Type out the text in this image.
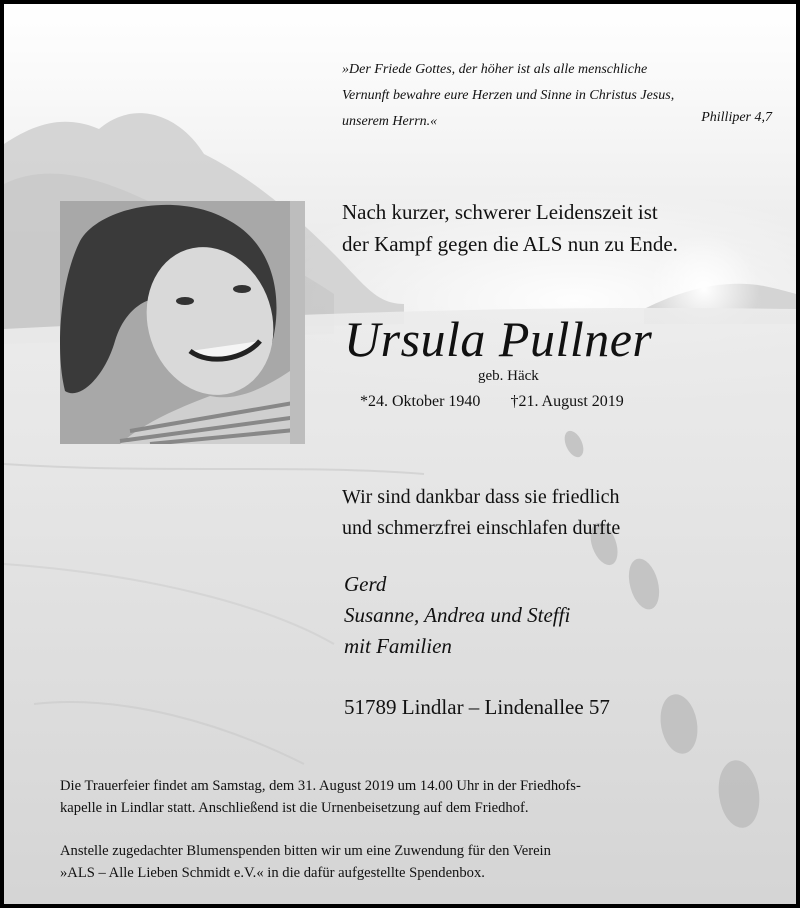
»Der Friede Gottes, der höher ist als alle menschliche
Vernunft bewahre eure Herzen und Sinne in Christus Jesus,
unserem Herrn.«	Philliper 4,7
Nach kurzer, schwerer Leidenszeit ist
der Kampf gegen die ALS nun zu Ende.
Ursula Pullner
geb. Häck
*24. Oktober 1940 †21. August 2019
Wir sind dankbar dass sie friedlich
und schmerzfrei einschlafen durfte
Gerd
Susanne, Andrea und Steffi
mit Familien
51789 Lindlar – Lindenallee 57
Die Trauerfeier findet am Samstag, dem 31. August 2019 um 14.00 Uhr in der Friedhofs-
kapelle in Lindlar statt. Anschließend ist die Urnenbeisetzung auf dem Friedhof.
Anstelle zugedachter Blumenspenden bitten wir um eine Zuwendung für den Verein
»ALS – Alle Lieben Schmidt e.V.« in die dafür aufgestellte Spendenbox.
